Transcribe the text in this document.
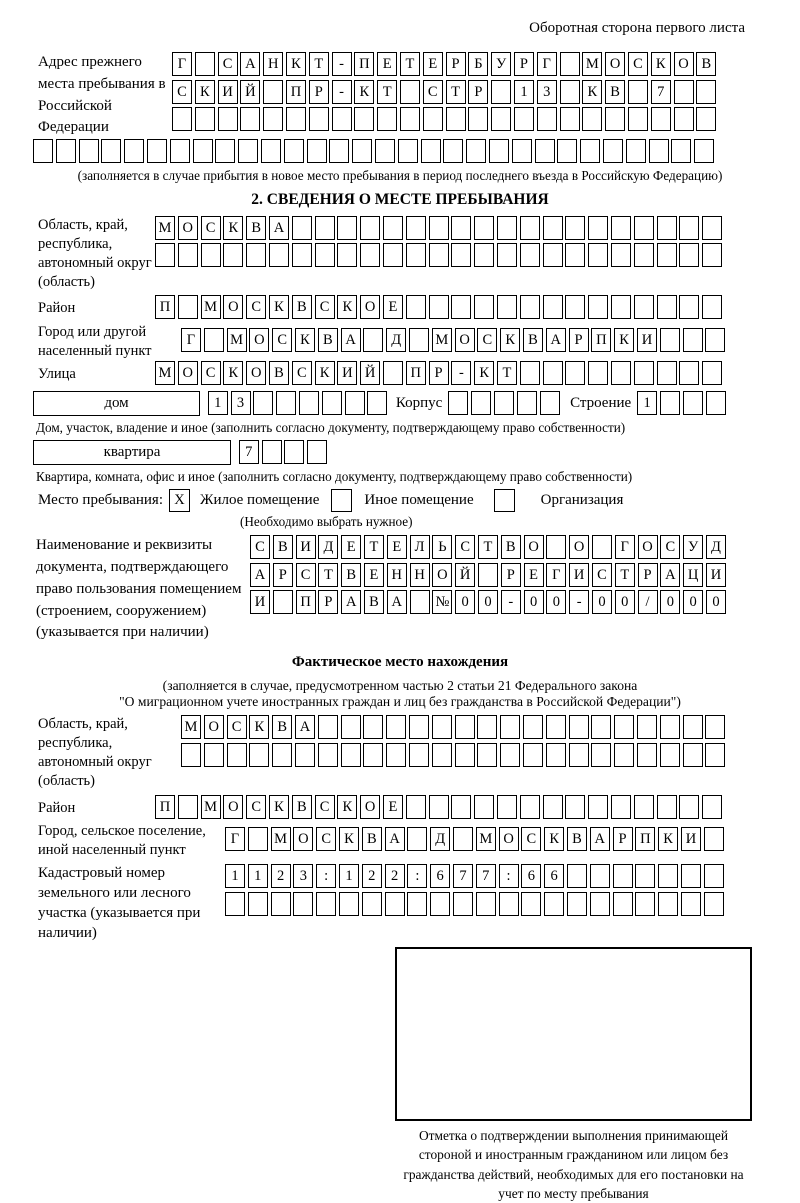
Оборотная сторона первого листа
Адрес прежнего места пребывания в Российской Федерации
Г	С А Н К Т - П Е Т Е Р Б У Р Г М О С К О В
С К И Й П Р - К Т	С Т Р	1 3	К В	7
(заполняется в случае прибытия в новое место пребывания в период последнего въезда в Российскую Федерацию)
2. СВЕДЕНИЯ О МЕСТЕ ПРЕБЫВАНИЯ
Область, край, республика, автономный округ (область)
М О С К В А
Район	П М О С К В С К О Е
Город или другой населенный пункт
Г М О С К В А Д М О С К В А Р П К И
Улица	М О С К О В С К И Й П Р - К Т
дом	1 3	Корпус	Строение 1
Дом, участок, владение и иное (заполнить согласно документу, подтверждающему право собственности)
квартира	7
Квартира, комната, офис и иное (заполнить согласно документу, подтверждающему право собственности)
Место пребывания: X	Жилое помещение	Иное помещение	Организация
(Необходимо выбрать нужное)
Наименование и реквизиты документа, подтверждающего право пользования помещением (строением, сооружением) (указывается при наличии)
С В И Д Е Т Е Л Ь С Т В О О Г О С У Д
А Р С Т В Е Н Н О Й	Р Е Г И С Т Р А Ц И
И П Р А В А № 0 0 - 0 0 - 0 0 / 0 0 0
Фактическое место нахождения
(заполняется в случае, предусмотренном частью 2 статьи 21 Федерального закона
"О миграционном учете иностранных граждан и лиц без гражданства в Российской Федерации")
Область, край, республика, автономный округ (область)
М О С К В А
Район	П М О С К В С К О Е
Город, сельское поселение, иной населенный пункт
Г М О С К В А Д М О С К В А Р П К И
Кадастровый номер земельного или лесного участка (указывается при наличии)
1 1 2 3 : 1 2 2 : 6 7 7 : 6 6
Отметка о подтверждении выполнения принимающей стороной и иностранным гражданином или лицом без гражданства действий, необходимых для его постановки на учет по месту пребывания
